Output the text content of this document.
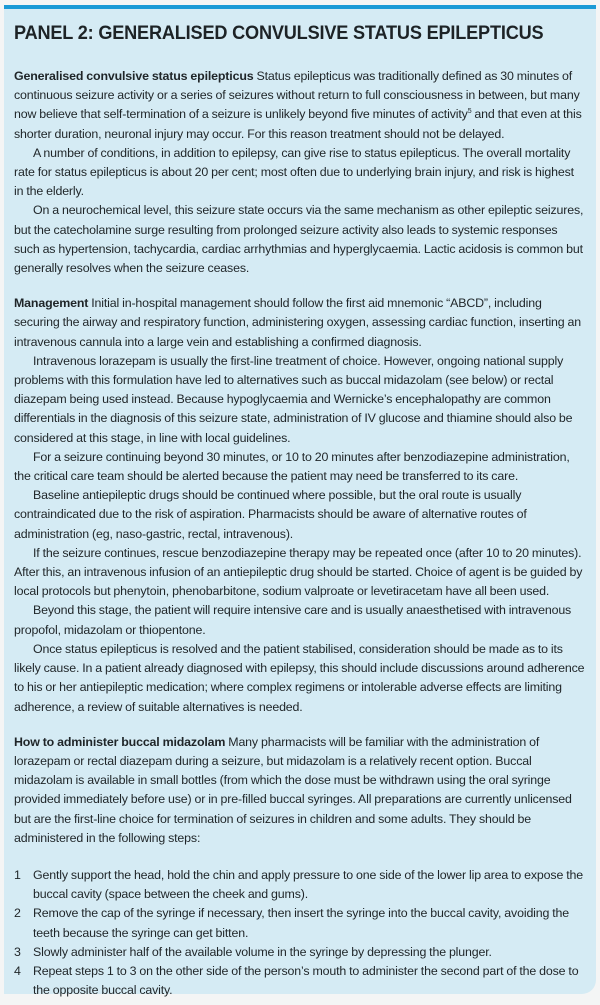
PANEL 2: GENERALISED CONVULSIVE STATUS EPILEPTICUS

Generalised convulsive status epilepticus Status epilepticus was traditionally defined as 30 minutes of continuous seizure activity or a series of seizures without return to full consciousness in between, but many now believe that self-termination of a seizure is unlikely beyond five minutes of activity$^5$ and that even at this shorter duration, neuronal injury may occur. For this reason treatment should not be delayed.

A number of conditions, in addition to epilepsy, can give rise to status epilepticus. The overall mortality rate for status epilepticus is about 20 per cent; most often due to underlying brain injury, and risk is highest in the elderly.

On a neurochemical level, this seizure state occurs via the same mechanism as other epileptic seizures, but the catecholamine surge resulting from prolonged seizure activity also leads to systemic responses such as hypertension, tachycardia, cardiac arrhythmias and hyperglycaemia. Lactic acidosis is common but generally resolves when the seizure ceases.

Management Initial in-hospital management should follow the first aid mnemonic “ABCD”, including securing the airway and respiratory function, administering oxygen, assessing cardiac function, inserting an intravenous cannula into a large vein and establishing a confirmed diagnosis.

Intravenous lorazepam is usually the first-line treatment of choice. However, ongoing national supply problems with this formulation have led to alternatives such as buccal midazolam (see below) or rectal diazepam being used instead. Because hypoglycaemia and Wernicke’s encephalopathy are common differentials in the diagnosis of this seizure state, administration of IV glucose and thiamine should also be considered at this stage, in line with local guidelines.

For a seizure continuing beyond 30 minutes, or 10 to 20 minutes after benzodiazepine administration, the critical care team should be alerted because the patient may need be transferred to its care.

Baseline antiepileptic drugs should be continued where possible, but the oral route is usually contraindicated due to the risk of aspiration. Pharmacists should be aware of alternative routes of administration (eg, naso-gastric, rectal, intravenous).

If the seizure continues, rescue benzodiazepine therapy may be repeated once (after 10 to 20 minutes). After this, an intravenous infusion of an antiepileptic drug should be started. Choice of agent is be guided by local protocols but phenytoin, phenobarbitone, sodium valproate or levetiracetam have all been used.

Beyond this stage, the patient will require intensive care and is usually anaesthetised with intravenous propofol, midazolam or thiopentone.

Once status epilepticus is resolved and the patient stabilised, consideration should be made as to its likely cause. In a patient already diagnosed with epilepsy, this should include discussions around adherence to his or her antiepileptic medication; where complex regimens or intolerable adverse effects are limiting adherence, a review of suitable alternatives is needed.

How to administer buccal midazolam Many pharmacists will be familiar with the administration of lorazepam or rectal diazepam during a seizure, but midazolam is a relatively recent option. Buccal midazolam is available in small bottles (from which the dose must be withdrawn using the oral syringe provided immediately before use) or in pre-filled buccal syringes. All preparations are currently unlicensed but are the first-line choice for termination of seizures in children and some adults. They should be administered in the following steps:

1 Gently support the head, hold the chin and apply pressure to one side of the lower lip area to expose the buccal cavity (space between the cheek and gums).
2 Remove the cap of the syringe if necessary, then insert the syringe into the buccal cavity, avoiding the teeth because the syringe can get bitten.
3 Slowly administer half of the available volume in the syringe by depressing the plunger.
4 Repeat steps 1 to 3 on the other side of the person’s mouth to administer the second part of the dose to the opposite buccal cavity.
